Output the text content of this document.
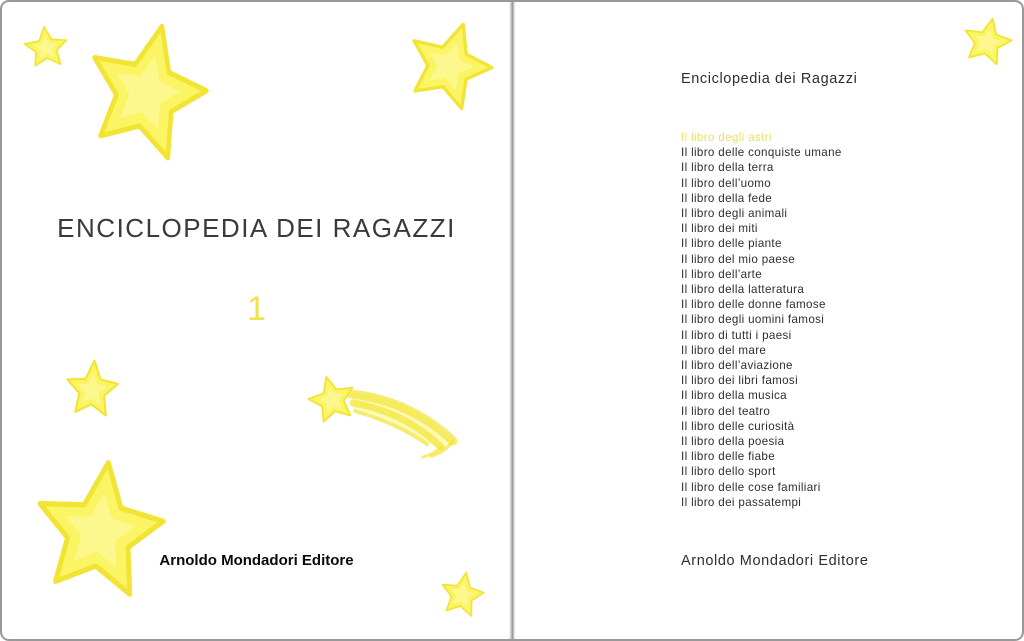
ENCICLOPEDIA DEI RAGAZZI
1
Arnoldo Mondadori Editore
Enciclopedia dei Ragazzi
Il libro degli astri
Il libro delle conquiste umane
Il libro della terra
Il libro dell’uomo
Il libro della fede
Il libro degli animali
Il libro dei miti
Il libro delle piante
Il libro del mio paese
Il libro dell’arte
Il libro della latteratura
Il libro delle donne famose
Il libro degli uomini famosi
Il libro di tutti i paesi
Il libro del mare
Il libro dell’aviazione
Il libro dei libri famosi
Il libro della musica
Il libro del teatro
Il libro delle curiosità
Il libro della poesia
Il libro delle fiabe
Il libro dello sport
Il libro delle cose familiari
Il libro dei passatempi
Arnoldo Mondadori Editore
